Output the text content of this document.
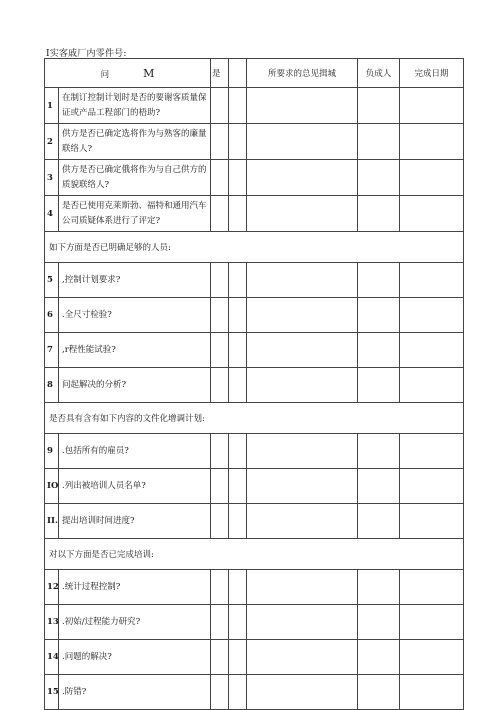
I实客戚厂内零件号:
问 M		是		所要求的总见揖城	负成人	完成日期
1	在制订控制计划时是否的要谢客质量保证或产品工程部门的梧助?					
2	供方是否已确定选将作为与熟客的廉量联络人?					
3	供方是否已确定俄将作为与自己供方的质貌联络人?					
4	是否已使用克莱斯勃、福特和通用汽车公司质疑体系进行了评定?					
如下方面是否已明确足够的人员:						
5	,控制计划要求?					
6	.全尺寸检验?					
7	,r程性能试验?					
8	问起解决的分析?					
是否具有含有如下内容的文件化增调计划:						
9	.包括所有的雇员?					
IO	.列出被培训人员名单?					
II.	提出培训时间进度?					
对以下方面是否已完成培训:						
12	.统计过程控制?					
13	.初始/过程能力研究?					
14	.问题的解决?					
15	.防错?					
